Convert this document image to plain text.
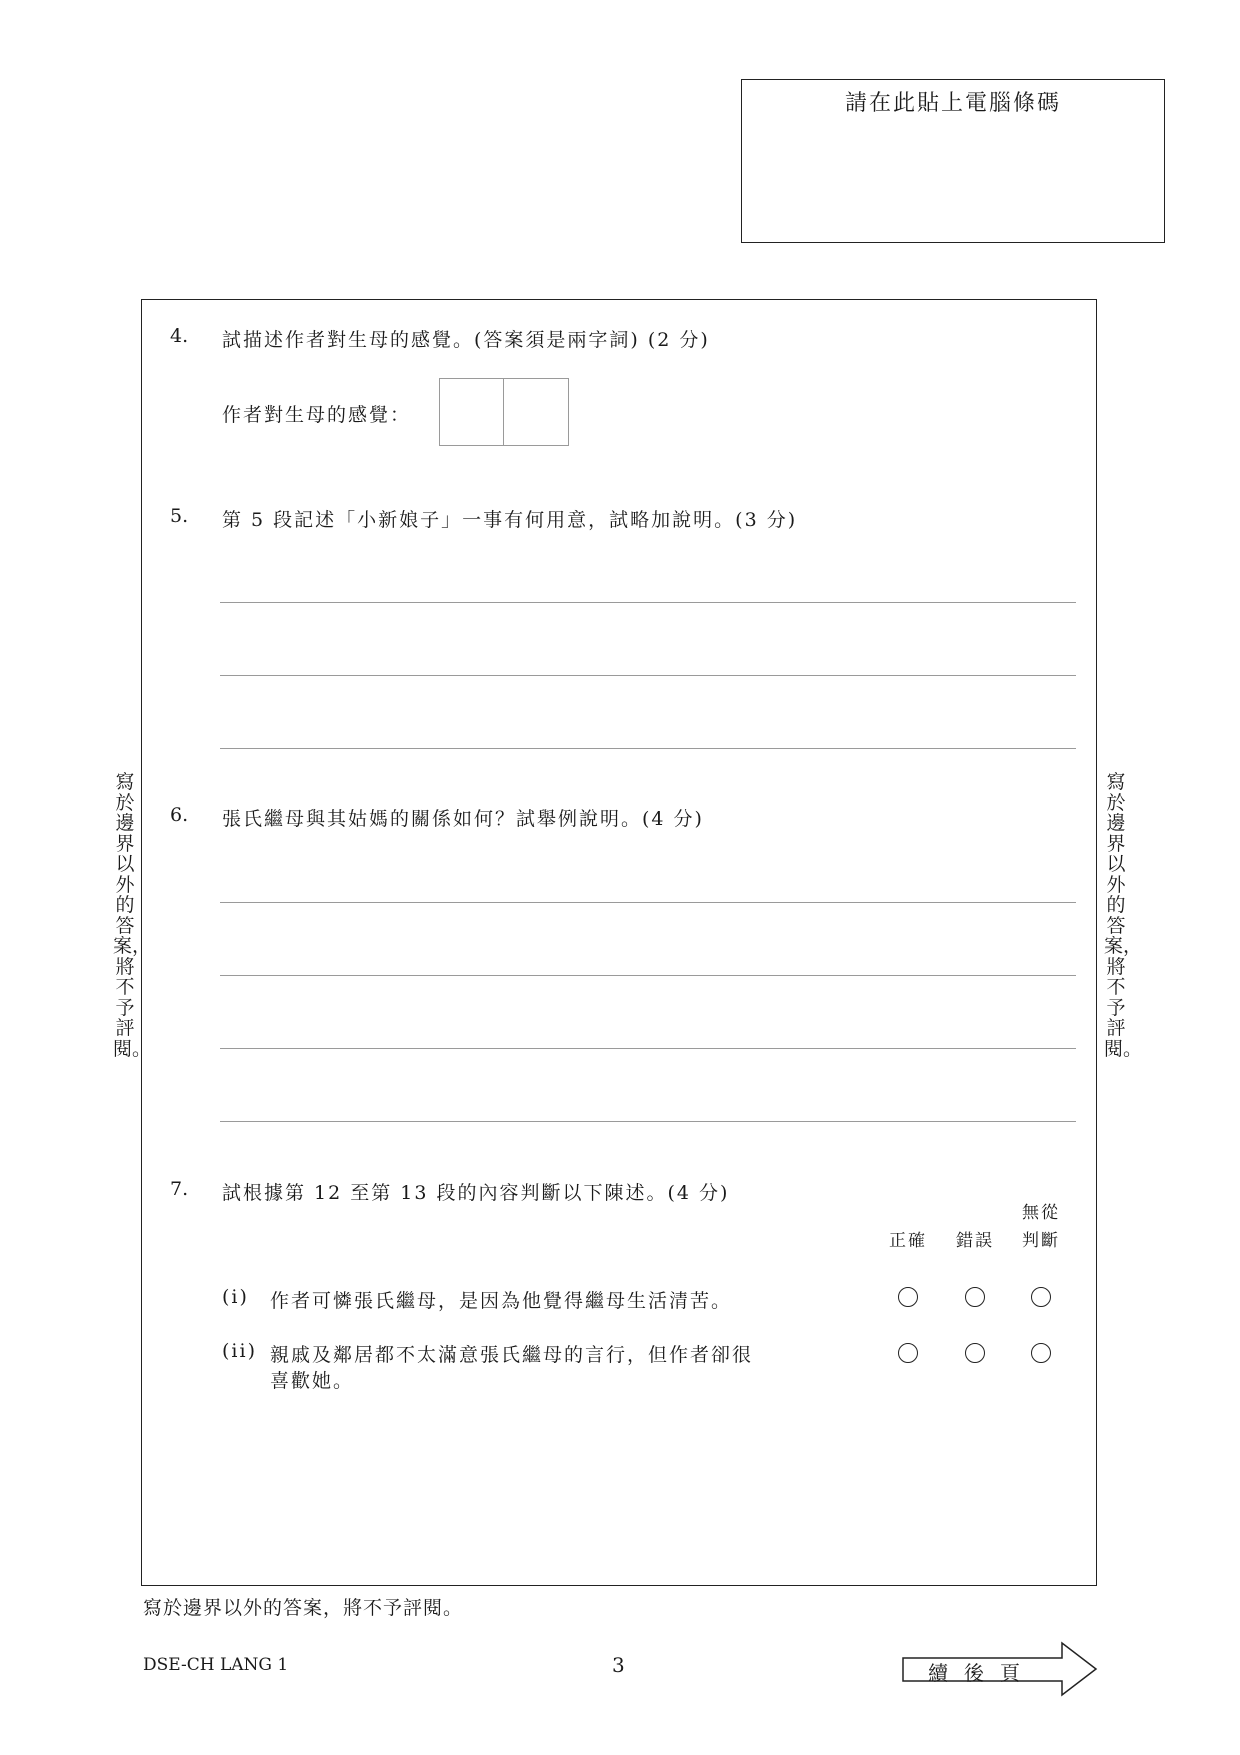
請在此貼上電腦條碼
4. 試描述作者對生母的感覺。(答案須是兩字詞) (2 分)
作者對生母的感覺：
5. 第 5 段記述「小新娘子」一事有何用意，試略加說明。(3 分)
6. 張氏繼母與其姑媽的關係如何？試舉例說明。(4 分)
7. 試根據第 12 至第 13 段的內容判斷以下陳述。(4 分)
正確	錯誤
無從
判斷
(i) 作者可憐張氏繼母，是因為他覺得繼母生活清苦。
(ii) 親戚及鄰居都不太滿意張氏繼母的言行，但作者卻很
喜歡她。
寫於邊界以外的答案，將不予評閱。
寫於邊界以外的答案，將不予評閱。
寫於邊界以外的答案，將不予評閱。
DSE-CH LANG 1	3	續後頁
